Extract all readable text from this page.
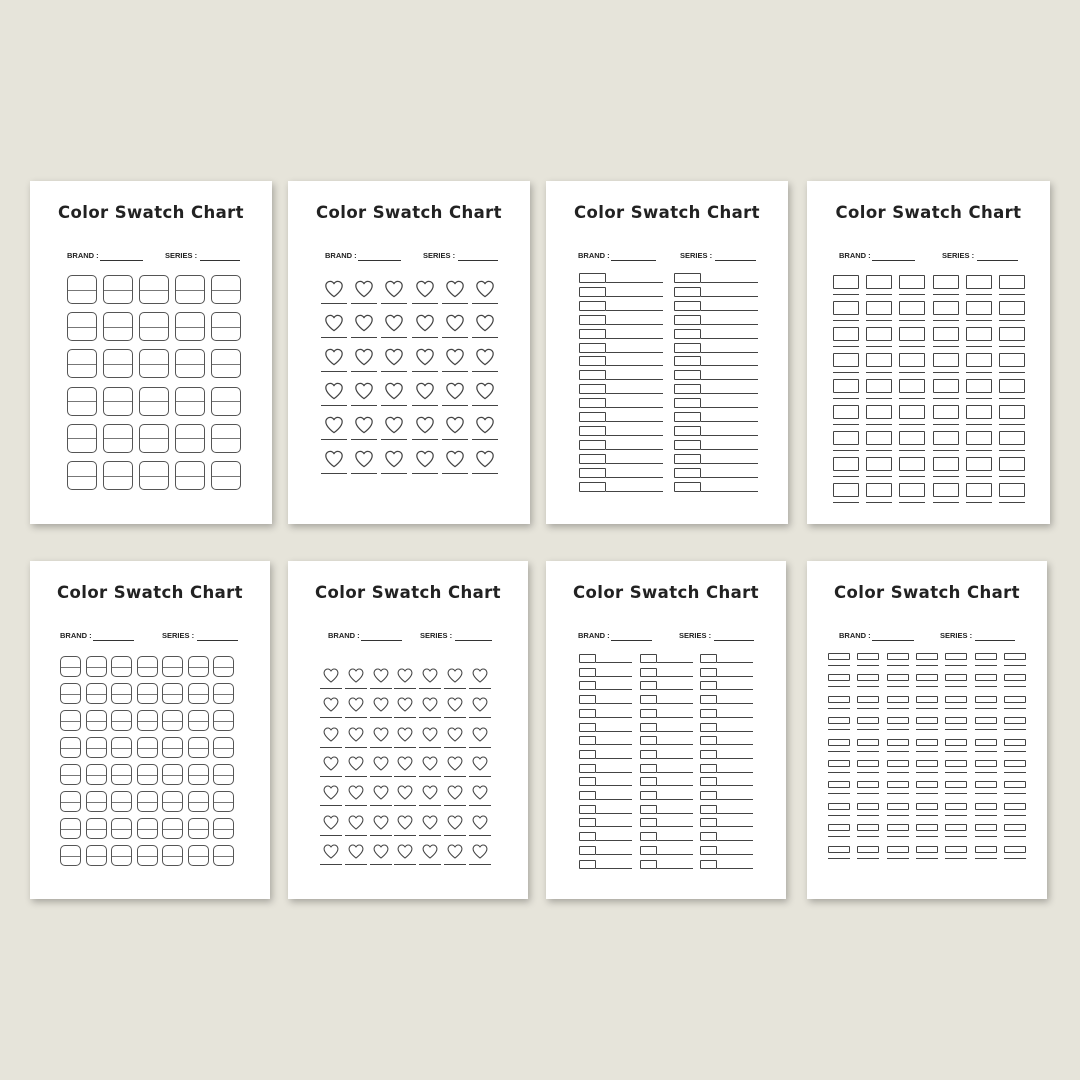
Color Swatch Chart
BRAND :	SERIES :
Color Swatch Chart
BRAND :	SERIES :
Color Swatch Chart
BRAND :	SERIES :
Color Swatch Chart
BRAND :	SERIES :
Color Swatch Chart
BRAND :	SERIES :
Color Swatch Chart
BRAND :	SERIES :
Color Swatch Chart
BRAND :	SERIES :
Color Swatch Chart
BRAND :	SERIES :
